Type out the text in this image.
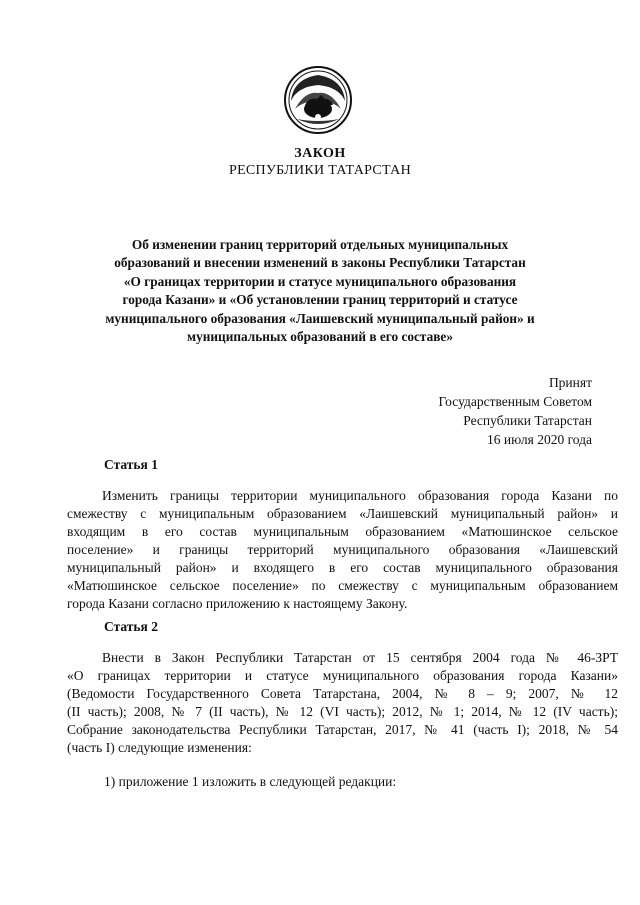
ЗАКОН
РЕСПУБЛИКИ ТАТАРСТАН
Об изменении границ территорий отдельных муниципальных
образований и внесении изменений в законы Республики Татарстан
«О границах территории и статусе муниципального образования
города Казани» и «Об установлении границ территорий и статусе
муниципального образования «Лаишевский муниципальный район» и
муниципальных образований в его составе»
Принят
Государственным Советом
Республики Татарстан
16 июля 2020 года
Статья 1
Изменить границы территории муниципального образования города Казани по
смежеству с муниципальным образованием «Лаишевский муниципальный район» и
входящим в его состав муниципальным образованием «Матюшинское сельское
поселение» и границы территорий муниципального образования «Лаишевский
муниципальный район» и входящего в его состав муниципального образования
«Матюшинское сельское поселение» по смежеству с муниципальным образованием
города Казани согласно приложению к настоящему Закону.
Статья 2
Внести в Закон Республики Татарстан от 15 сентября 2004 года № 46-ЗРТ
«О границах территории и статусе муниципального образования города Казани»
(Ведомости Государственного Совета Татарстана, 2004, № 8 – 9; 2007, № 12
(II часть); 2008, № 7 (II часть), № 12 (VI часть); 2012, № 1; 2014, № 12 (IV часть);
Собрание законодательства Республики Татарстан, 2017, № 41 (часть I); 2018, № 54
(часть I) следующие изменения:
1) приложение 1 изложить в следующей редакции:
